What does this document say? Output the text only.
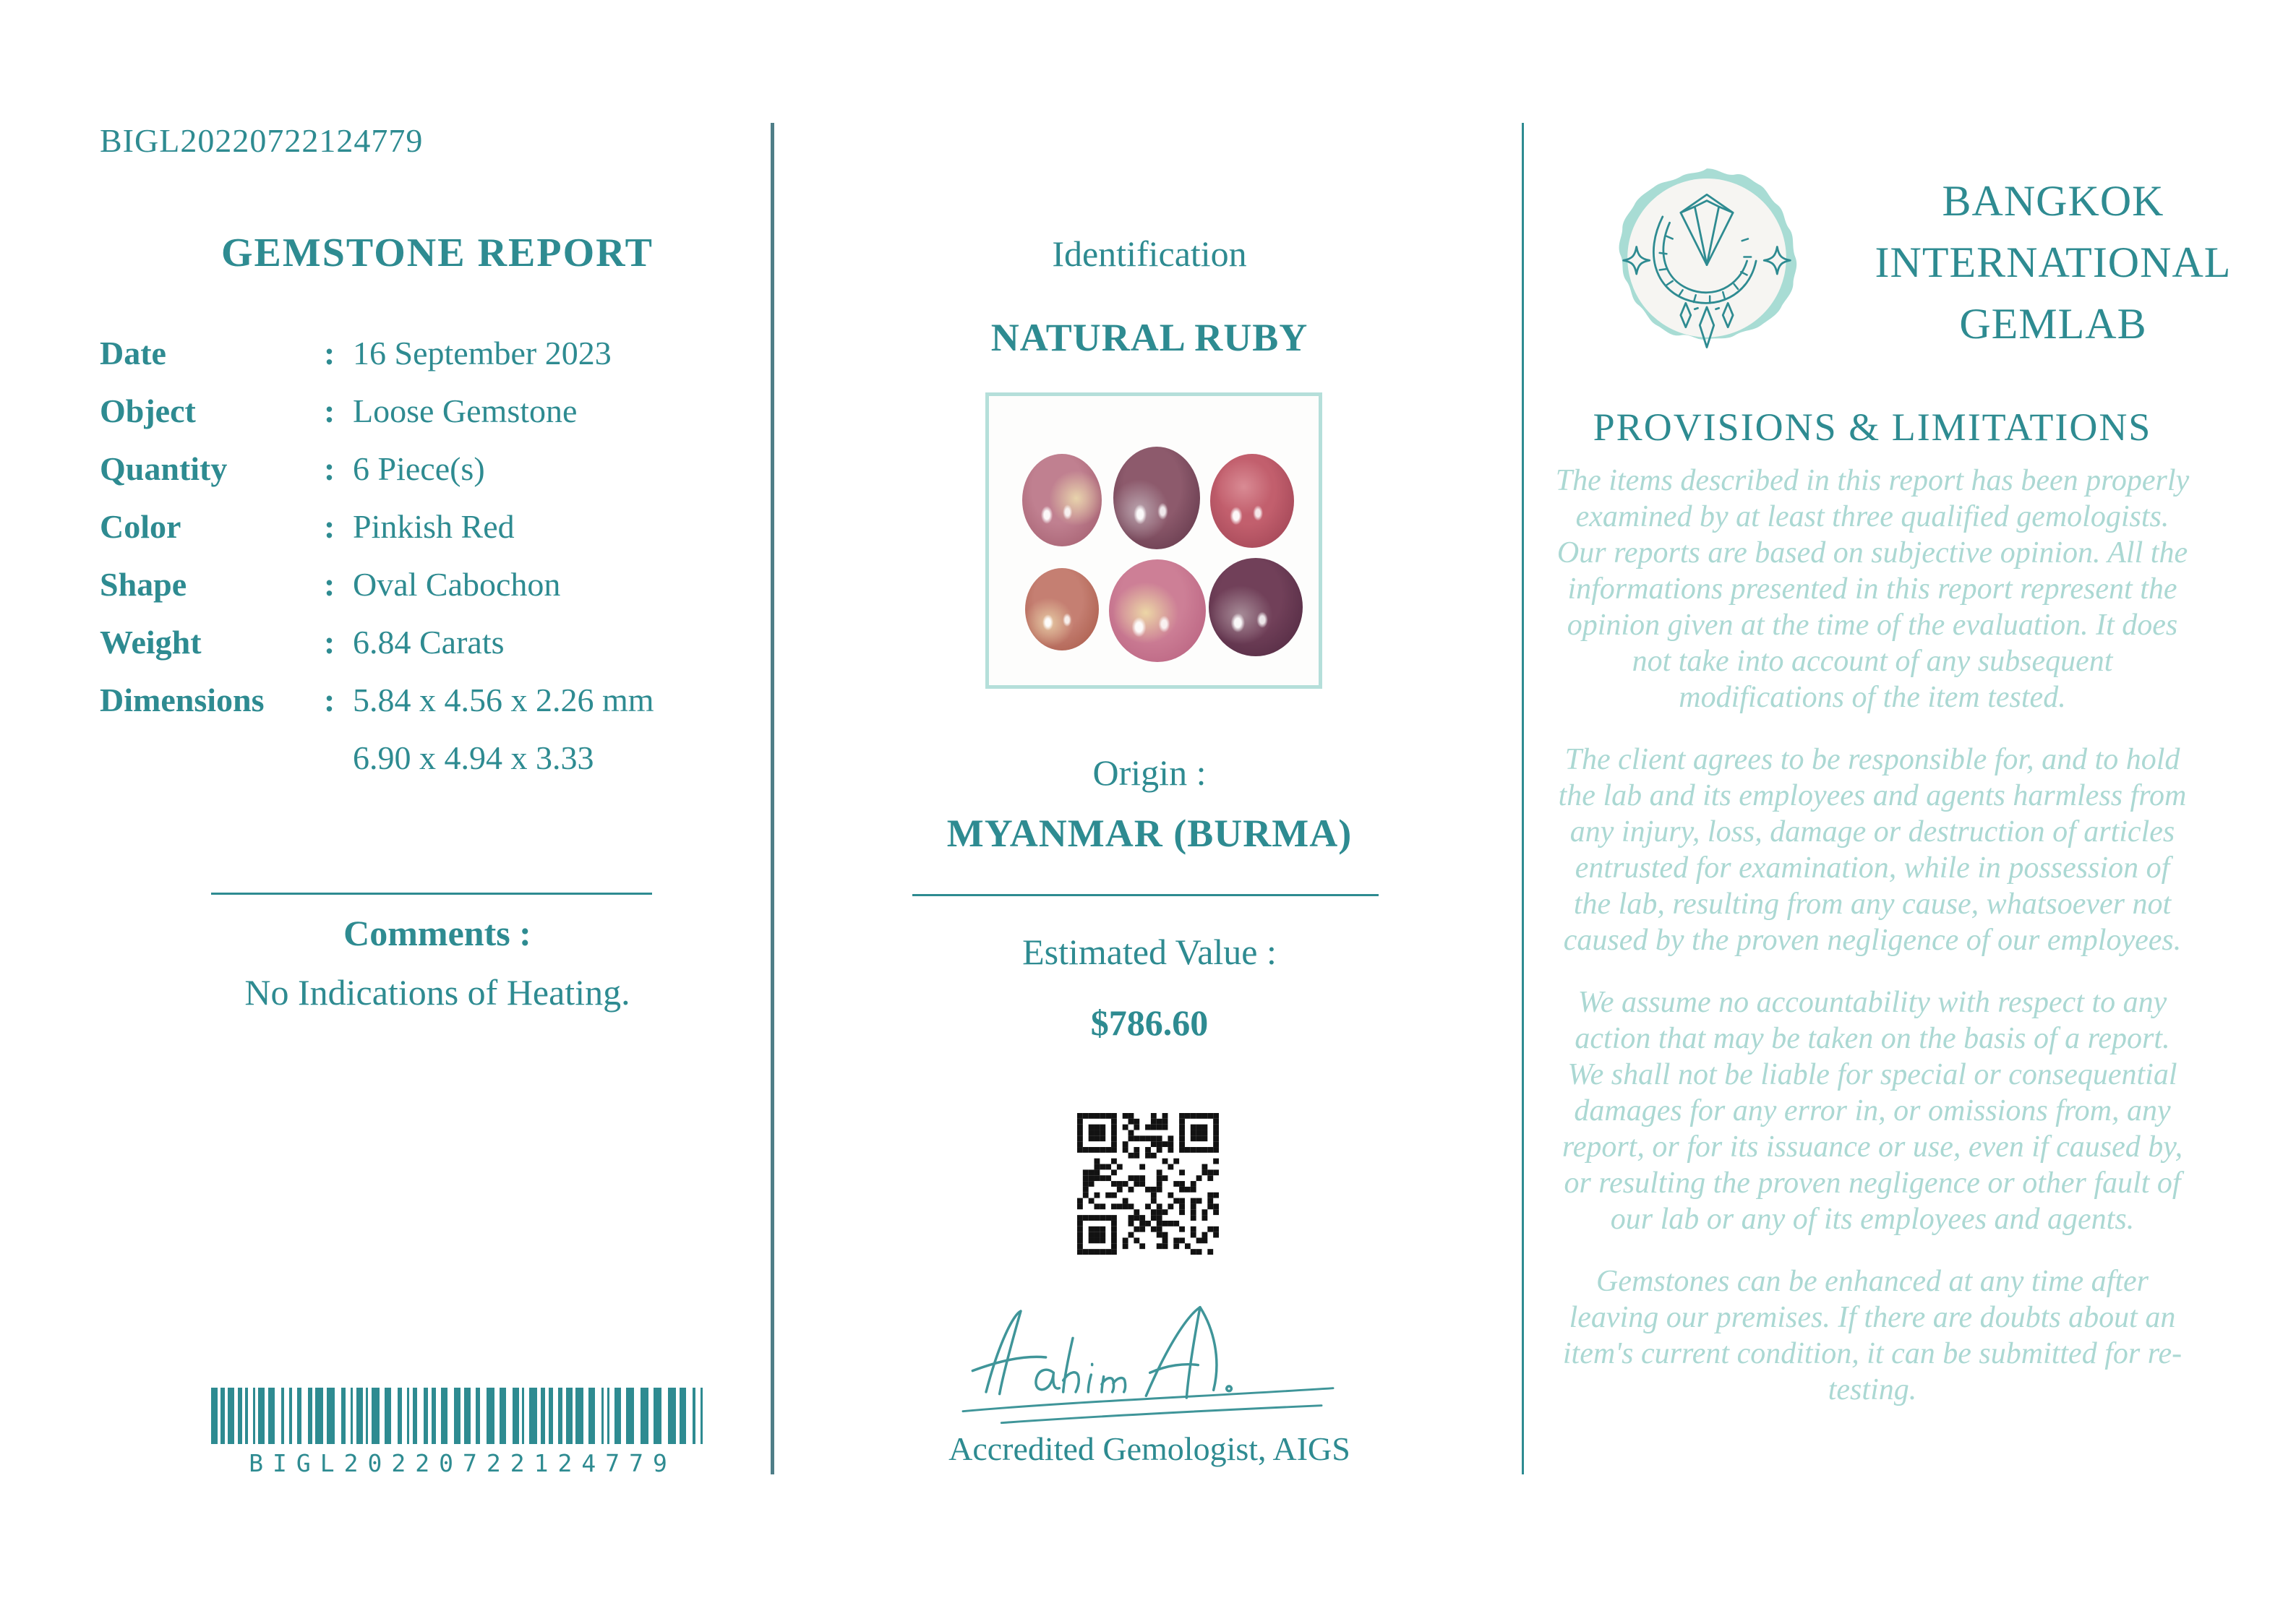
BIGL20220722124779
GEMSTONE REPORT
Date	: 16 September 2023
Object	: Loose Gemstone
Quantity	: 6 Piece(s)
Color	: Pinkish Red
Shape	: Oval Cabochon
Weight	: 6.84 Carats
Dimensions	: 5.84 x 4.56 x 2.26 mm
6.90 x 4.94 x 3.33
Comments :
No Indications of Heating.
BIGL20220722124779
Identification
NATURAL RUBY
Origin :
MYANMAR (BURMA)
Estimated Value :
$786.60
Accredited Gemologist, AIGS
BANGKOK
INTERNATIONAL
GEMLAB
PROVISIONS & LIMITATIONS

The items described in this report has been properly examined by at least three qualified gemologists. Our reports are based on subjective opinion. All the informations presented in this report represent the opinion given at the time of the evaluation. It does not take into account of any subsequent modifications of the item tested.

The client agrees to be responsible for, and to hold the lab and its employees and agents harmless from any injury, loss, damage or destruction of articles entrusted for examination, while in possession of the lab, resulting from any cause, whatsoever not caused by the proven negligence of our employees.

We assume no accountability with respect to any action that may be taken on the basis of a report. We shall not be liable for special or consequential damages for any error in, or omissions from, any report, or for its issuance or use, even if caused by, or resulting the proven negligence or other fault of our lab or any of its employees and agents.

Gemstones can be enhanced at any time after leaving our premises. If there are doubts about an item's current condition, it can be submitted for re-testing.
